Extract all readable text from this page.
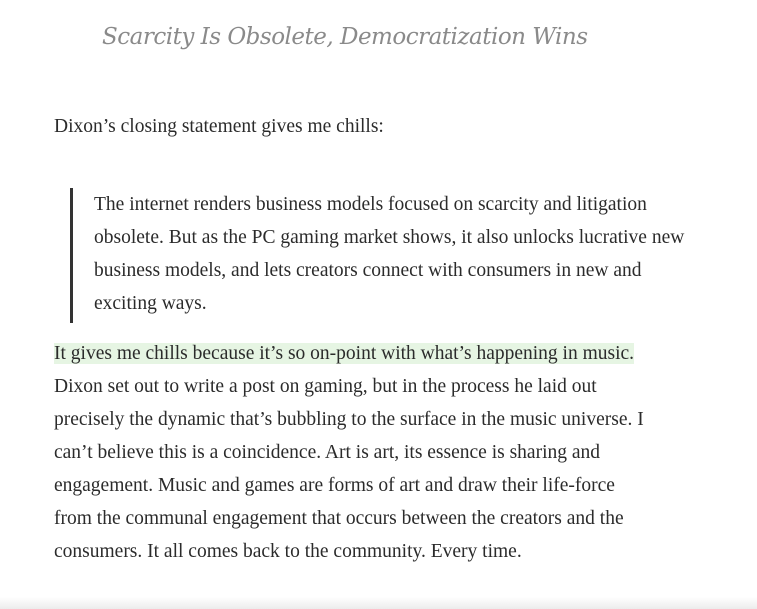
Scarcity Is Obsolete, Democratization Wins

Dixon’s closing statement gives me chills:

The internet renders business models focused on scarcity and litigation
obsolete. But as the PC gaming market shows, it also unlocks lucrative new
business models, and lets creators connect with consumers in new and
exciting ways.

It gives me chills because it’s so on-point with what’s happening in music.
Dixon set out to write a post on gaming, but in the process he laid out
precisely the dynamic that’s bubbling to the surface in the music universe. I
can’t believe this is a coincidence. Art is art, its essence is sharing and
engagement. Music and games are forms of art and draw their life-force
from the communal engagement that occurs between the creators and the
consumers. It all comes back to the community. Every time.
